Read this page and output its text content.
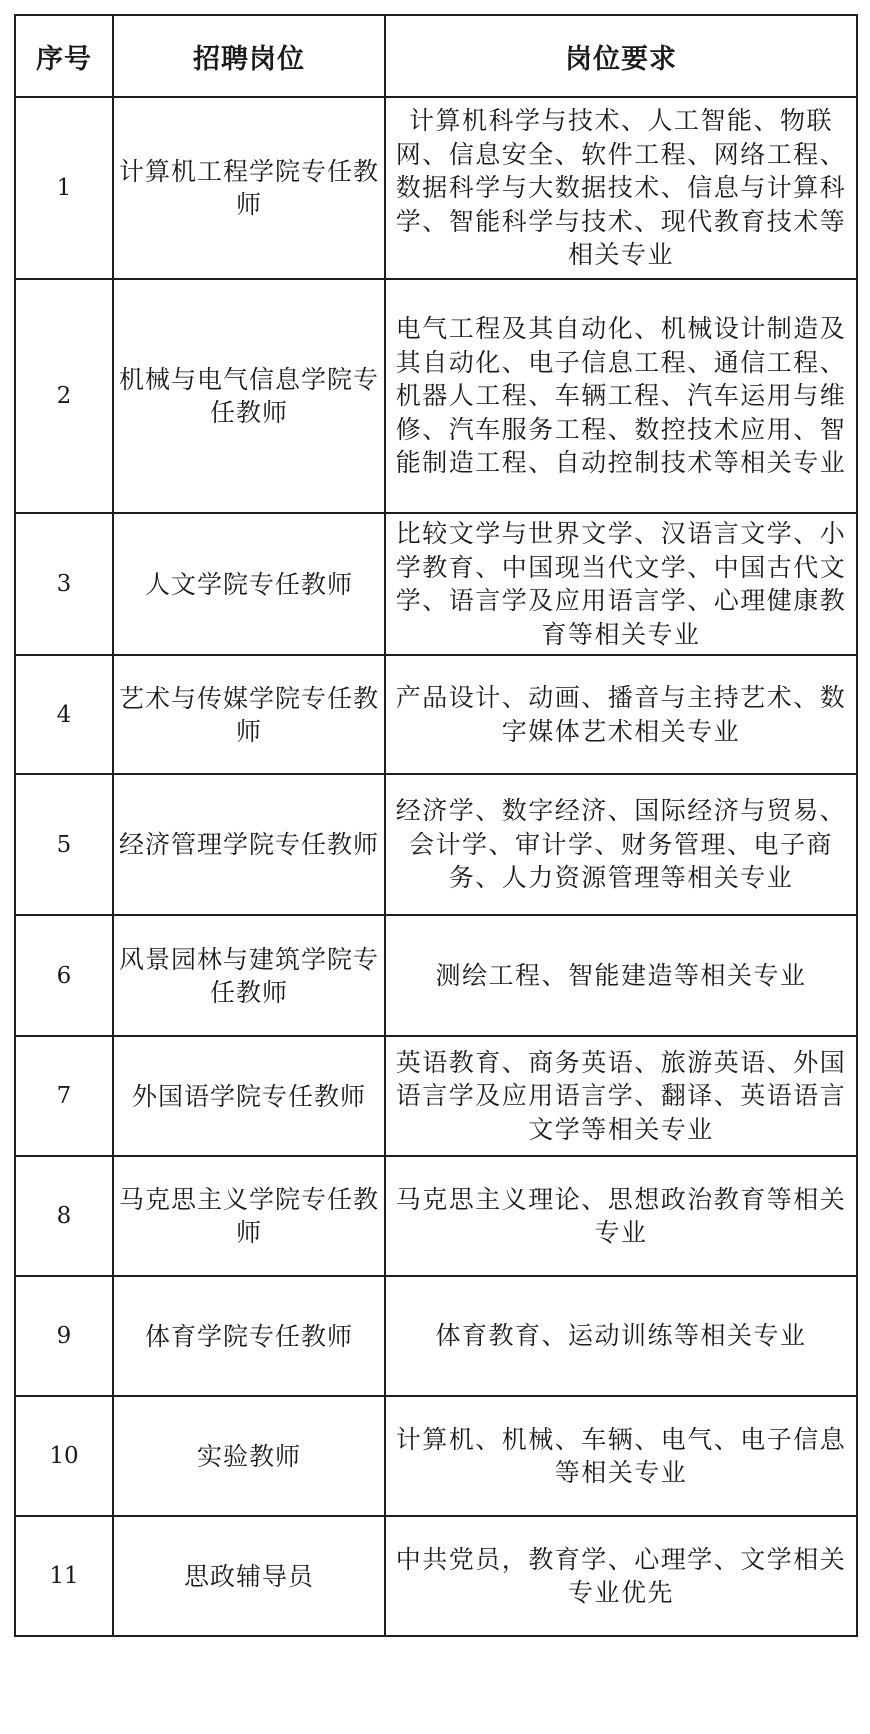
序号	招聘岗位	岗位要求
1	计算机工程学院专任教师	计算机科学与技术、人工智能、物联网、信息安全、软件工程、网络工程、数据科学与大数据技术、信息与计算科学、智能科学与技术、现代教育技术等相关专业
2	机械与电气信息学院专任教师	电气工程及其自动化、机械设计制造及其自动化、电子信息工程、通信工程、机器人工程、车辆工程、汽车运用与维修、汽车服务工程、数控技术应用、智能制造工程、自动控制技术等相关专业
3	人文学院专任教师	比较文学与世界文学、汉语言文学、小学教育、中国现当代文学、中国古代文学、语言学及应用语言学、心理健康教育等相关专业
4	艺术与传媒学院专任教师	产品设计、动画、播音与主持艺术、数字媒体艺术相关专业
5	经济管理学院专任教师	经济学、数字经济、国际经济与贸易、会计学、审计学、财务管理、电子商务、人力资源管理等相关专业
6	风景园林与建筑学院专任教师	测绘工程、智能建造等相关专业
7	外国语学院专任教师	英语教育、商务英语、旅游英语、外国语言学及应用语言学、翻译、英语语言文学等相关专业
8	马克思主义学院专任教师	马克思主义理论、思想政治教育等相关专业
9	体育学院专任教师	体育教育、运动训练等相关专业
10	实验教师	计算机、机械、车辆、电气、电子信息等相关专业
11	思政辅导员	中共党员，教育学、心理学、文学相关专业优先
